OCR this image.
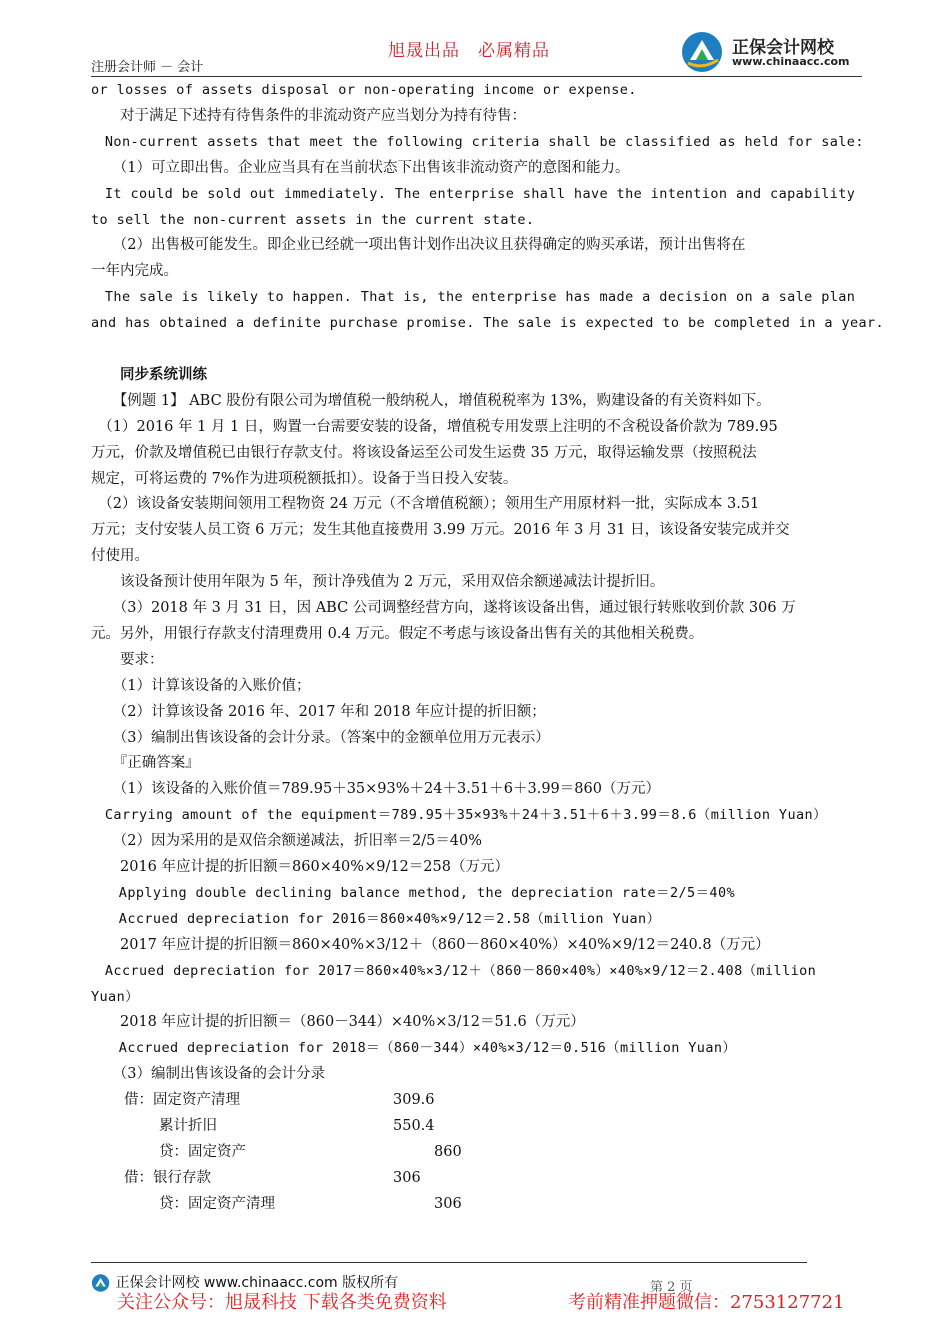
注册会计师 － 会计
旭晟出品　必属精品	正保会计网校
www.chinaacc.com
or losses of assets disposal or non-operating income or expense.
　　对于满足下述持有待售条件的非流动资产应当划分为持有待售：
　Non-current assets that meet the following criteria shall be classified as held for sale:
　　（1）可立即出售。企业应当具有在当前状态下出售该非流动资产的意图和能力。
　It could be sold out immediately. The enterprise shall have the intention and capability
to sell the non-current assets in the current state.
　　（2）出售极可能发生。即企业已经就一项出售计划作出决议且获得确定的购买承诺，预计出售将在
一年内完成。
　The sale is likely to happen. That is, the enterprise has made a decision on a sale plan
and has obtained a definite purchase promise. The sale is expected to be completed in a year.
　　同步系统训练
　　【例题 1】 ABC 股份有限公司为增值税一般纳税人，增值税税率为 13%，购建设备的有关资料如下。
　（1）2016 年 1 月 1 日，购置一台需要安装的设备，增值税专用发票上注明的不含税设备价款为 789.95
万元，价款及增值税已由银行存款支付。将该设备运至公司发生运费 35 万元，取得运输发票（按照税法
规定，可将运费的 7%作为进项税额抵扣）。设备于当日投入安装。
　（2）该设备安装期间领用工程物资 24 万元（不含增值税额）；领用生产用原材料一批，实际成本 3.51
万元；支付安装人员工资 6 万元；发生其他直接费用 3.99 万元。2016 年 3 月 31 日，该设备安装完成并交
付使用。
　　该设备预计使用年限为 5 年，预计净残值为 2 万元，采用双倍余额递减法计提折旧。
　　（3）2018 年 3 月 31 日，因 ABC 公司调整经营方向，遂将该设备出售，通过银行转账收到价款 306 万
元。另外，用银行存款支付清理费用 0.4 万元。假定不考虑与该设备出售有关的其他相关税费。
　　要求：
　　（1）计算该设备的入账价值；
　　（2）计算该设备 2016 年、2017 年和 2018 年应计提的折旧额；
　　（3）编制出售该设备的会计分录。（答案中的金额单位用万元表示）
　　『正确答案』
　　（1）该设备的入账价值＝789.95＋35×93%＋24＋3.51＋6＋3.99＝860（万元）
　Carrying amount of the equipment＝789.95＋35×93%＋24＋3.51＋6＋3.99＝8.6（million Yuan）
　　（2）因为采用的是双倍余额递减法，折旧率＝2/5＝40%
　　2016 年应计提的折旧额＝860×40%×9/12＝258（万元）
　　Applying double declining balance method, the depreciation rate＝2/5＝40%
　　Accrued depreciation for 2016＝860×40%×9/12＝2.58（million Yuan）
　　2017 年应计提的折旧额＝860×40%×3/12＋（860－860×40%）×40%×9/12＝240.8（万元）
　Accrued depreciation for 2017＝860×40%×3/12＋（860－860×40%）×40%×9/12＝2.408（million
Yuan）
　　2018 年应计提的折旧额＝（860－344）×40%×3/12＝51.6（万元）
　　Accrued depreciation for 2018＝（860－344）×40%×3/12＝0.516（million Yuan）
　　（3）编制出售该设备的会计分录
借：固定资产清理	309.6
累计折旧	550.4
贷：固定资产	860
借：银行存款	306
贷：固定资产清理	306
正保会计网校 www.chinaacc.com 版权所有	第 2 页
关注公众号：旭晟科技 下载各类免费资料	考前精准押题微信：2753127721
